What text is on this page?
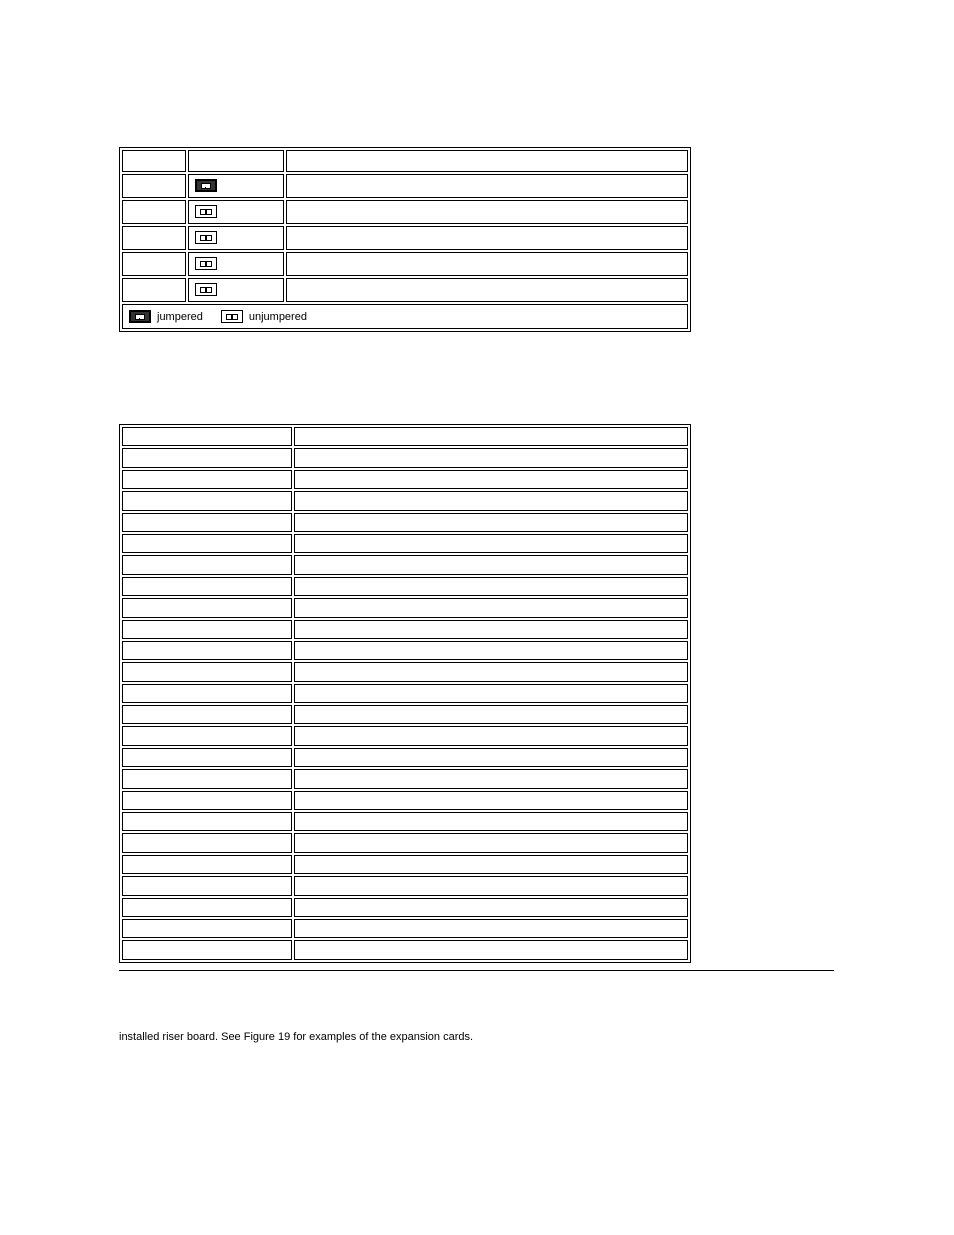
jumpered unjumpered		

installed riser board. See Figure 19 for examples of the expansion cards.
